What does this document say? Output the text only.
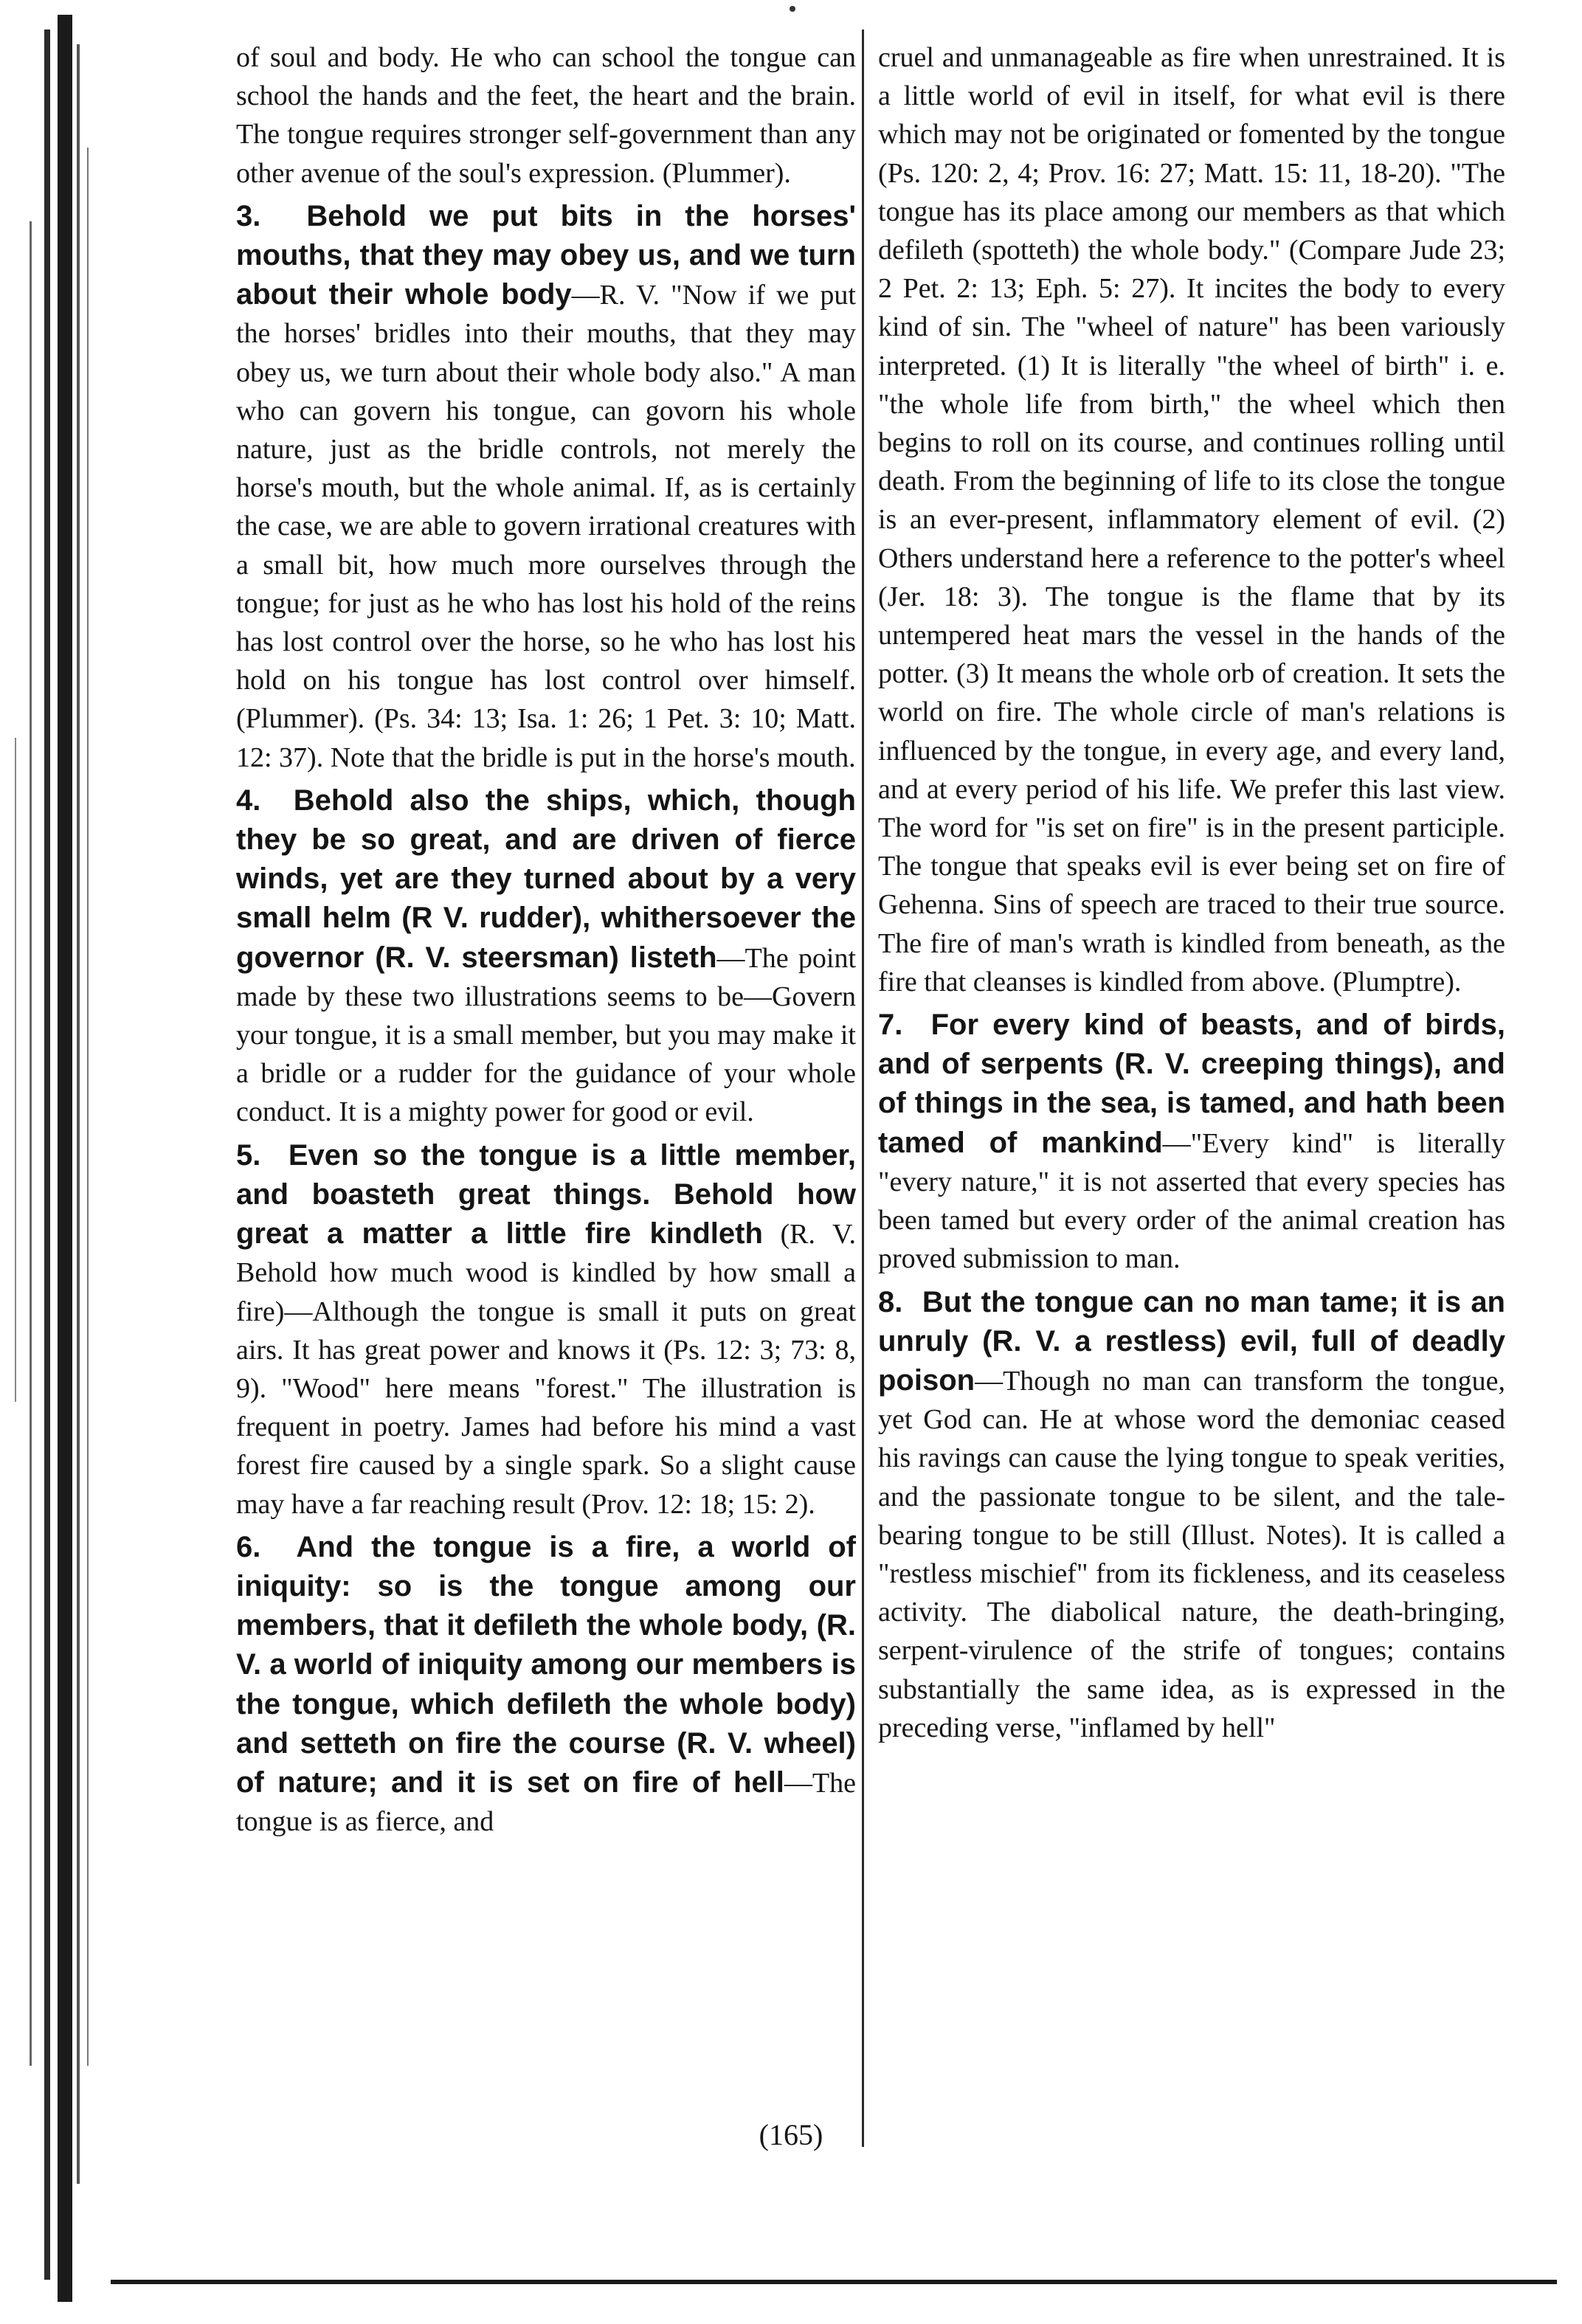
of soul and body. He who can school the tongue can school the hands and the feet, the heart and the brain. The tongue requires stronger self-government than any other avenue of the soul's expression. (Plummer).

3.  Behold we put bits in the horses' mouths, that they may obey us, and we turn about their whole body—R. V. "Now if we put the horses' bridles into their mouths, that they may obey us, we turn about their whole body also." A man who can govern his tongue, can govorn his whole nature, just as the bridle controls, not merely the horse's mouth, but the whole animal. If, as is certainly the case, we are able to govern irrational creatures with a small bit, how much more ourselves through the tongue; for just as he who has lost his hold of the reins has lost control over the horse, so he who has lost his hold on his tongue has lost control over himself. (Plummer). (Ps. 34: 13; Isa. 1: 26; 1 Pet. 3: 10; Matt. 12: 37). Note that the bridle is put in the horse's mouth.

4.  Behold also the ships, which, though they be so great, and are driven of fierce winds, yet are they turned about by a very small helm (R V. rudder), whithersoever the governor (R. V. steersman) listeth—The point made by these two illustrations seems to be—Govern your tongue, it is a small member, but you may make it a bridle or a rudder for the guidance of your whole conduct. It is a mighty power for good or evil.

5.  Even so the tongue is a little member, and boasteth great things. Behold how great a matter a little fire kindleth (R. V. Behold how much wood is kindled by how small a fire)—Although the tongue is small it puts on great airs. It has great power and knows it (Ps. 12: 3; 73: 8, 9). "Wood" here means "forest." The illustration is frequent in poetry. James had before his mind a vast forest fire caused by a single spark. So a slight cause may have a far reaching result (Prov. 12: 18; 15: 2).

6.  And the tongue is a fire, a world of iniquity: so is the tongue among our members, that it defileth the whole body, (R. V. a world of iniquity among our members is the tongue, which defileth the whole body) and setteth on fire the course (R. V. wheel) of nature; and it is set on fire of hell—The tongue is as fierce, and

cruel and unmanageable as fire when unrestrained. It is a little world of evil in itself, for what evil is there which may not be originated or fomented by the tongue (Ps. 120: 2, 4; Prov. 16: 27; Matt. 15: 11, 18-20). "The tongue has its place among our members as that which defileth (spotteth) the whole body." (Compare Jude 23; 2 Pet. 2: 13; Eph. 5: 27). It incites the body to every kind of sin. The "wheel of nature" has been variously interpreted. (1) It is literally "the wheel of birth" i. e. "the whole life from birth," the wheel which then begins to roll on its course, and continues rolling until death. From the beginning of life to its close the tongue is an ever-present, inflammatory element of evil. (2) Others understand here a reference to the potter's wheel (Jer. 18: 3). The tongue is the flame that by its untempered heat mars the vessel in the hands of the potter. (3) It means the whole orb of creation. It sets the world on fire. The whole circle of man's relations is influenced by the tongue, in every age, and every land, and at every period of his life. We prefer this last view. The word for "is set on fire" is in the present participle. The tongue that speaks evil is ever being set on fire of Gehenna. Sins of speech are traced to their true source. The fire of man's wrath is kindled from beneath, as the fire that cleanses is kindled from above. (Plumptre).

7.  For every kind of beasts, and of birds, and of serpents (R. V. creeping things), and of things in the sea, is tamed, and hath been tamed of mankind—"Every kind" is literally "every nature," it is not asserted that every species has been tamed but every order of the animal creation has proved submission to man.

8.  But the tongue can no man tame; it is an unruly (R. V. a restless) evil, full of deadly poison—Though no man can transform the tongue, yet God can. He at whose word the demoniac ceased his ravings can cause the lying tongue to speak verities, and the passionate tongue to be silent, and the tale-bearing tongue to be still (Illust. Notes). It is called a "restless mischief" from its fickleness, and its ceaseless activity. The diabolical nature, the death-bringing, serpent-virulence of the strife of tongues; contains substantially the same idea, as is expressed in the preceding verse, "inflamed by hell"

(165)
